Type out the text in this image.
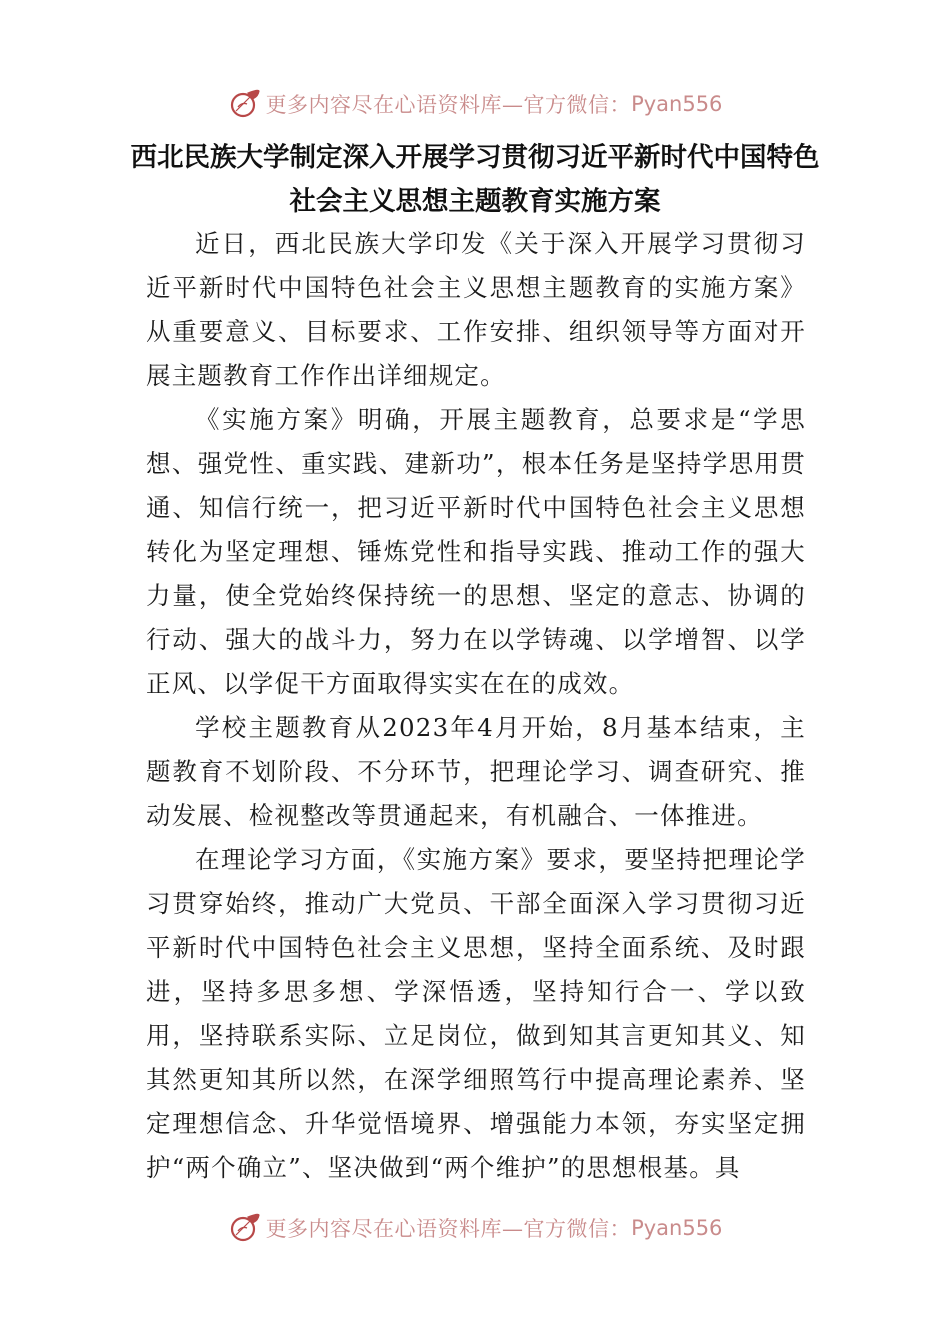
更多内容尽在心语资料库—官方微信： Pyan556
西北民族大学制定深入开展学习贯彻习近平新时代中国特色社会主义思想主题教育实施方案

近日，西北民族大学印发《关于深入开展学习贯彻习近平新时代中国特色社会主义思想主题教育的实施方案》从重要意义、目标要求、工作安排、组织领导等方面对开展主题教育工作作出详细规定。

《实施方案》明确，开展主题教育，总要求是“学思想、强党性、重实践、建新功”，根本任务是坚持学思用贯通、知信行统一，把习近平新时代中国特色社会主义思想转化为坚定理想、锤炼党性和指导实践、推动工作的强大力量，使全党始终保持统一的思想、坚定的意志、协调的行动、强大的战斗力，努力在以学铸魂、以学增智、以学正风、以学促干方面取得实实在在的成效。

学校主题教育从2023年4月开始，8月基本结束，主题教育不划阶段、不分环节，把理论学习、调查研究、推动发展、检视整改等贯通起来，有机融合、一体推进。

在理论学习方面，《实施方案》要求，要坚持把理论学习贯穿始终，推动广大党员、干部全面深入学习贯彻习近平新时代中国特色社会主义思想，坚持全面系统、及时跟进，坚持多思多想、学深悟透，坚持知行合一、学以致用，坚持联系实际、立足岗位，做到知其言更知其义、知其然更知其所以然，在深学细照笃行中提高理论素养、坚定理想信念、升华觉悟境界、增强能力本领，夯实坚定拥护“两个确立”、坚决做到“两个维护”的思想根基。具

更多内容尽在心语资料库—官方微信： Pyan556
